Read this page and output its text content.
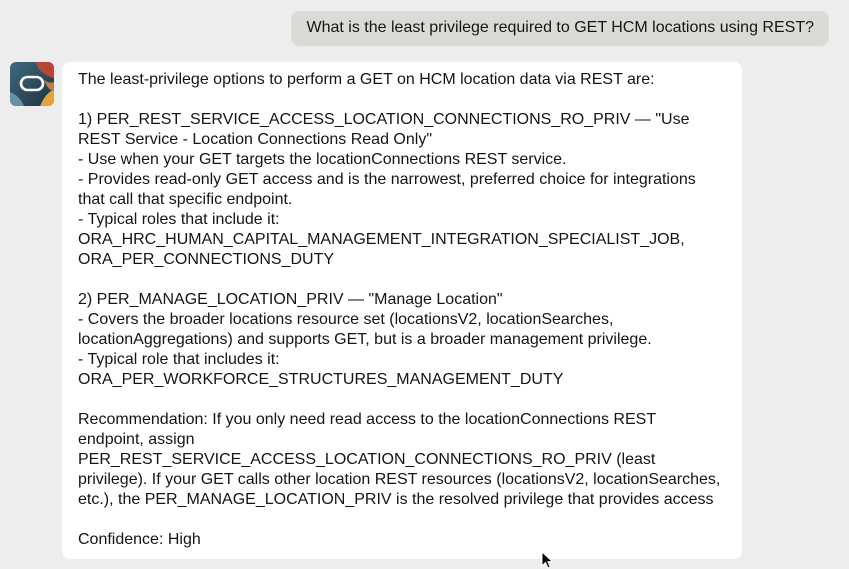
What is the least privilege required to GET HCM locations using REST?

The least-privilege options to perform a GET on HCM location data via REST are:

1) PER_REST_SERVICE_ACCESS_LOCATION_CONNECTIONS_RO_PRIV — "Use REST Service - Location Connections Read Only"

- Use when your GET targets the locationConnections REST service.

- Provides read-only GET access and is the narrowest, preferred choice for integrations that call that specific endpoint.

- Typical roles that include it:

ORA_HRC_HUMAN_CAPITAL_MANAGEMENT_INTEGRATION_SPECIALIST_JOB,

ORA_PER_CONNECTIONS_DUTY

2) PER_MANAGE_LOCATION_PRIV — "Manage Location"

- Covers the broader locations resource set (locationsV2, locationSearches, locationAggregations) and supports GET, but is a broader management privilege.

- Typical role that includes it:

ORA_PER_WORKFORCE_STRUCTURES_MANAGEMENT_DUTY

Recommendation: If you only need read access to the locationConnections REST endpoint, assign PER_REST_SERVICE_ACCESS_LOCATION_CONNECTIONS_RO_PRIV (least privilege). If your GET calls other location REST resources (locationsV2, locationSearches, etc.), the PER_MANAGE_LOCATION_PRIV is the resolved privilege that provides access

Confidence: High
